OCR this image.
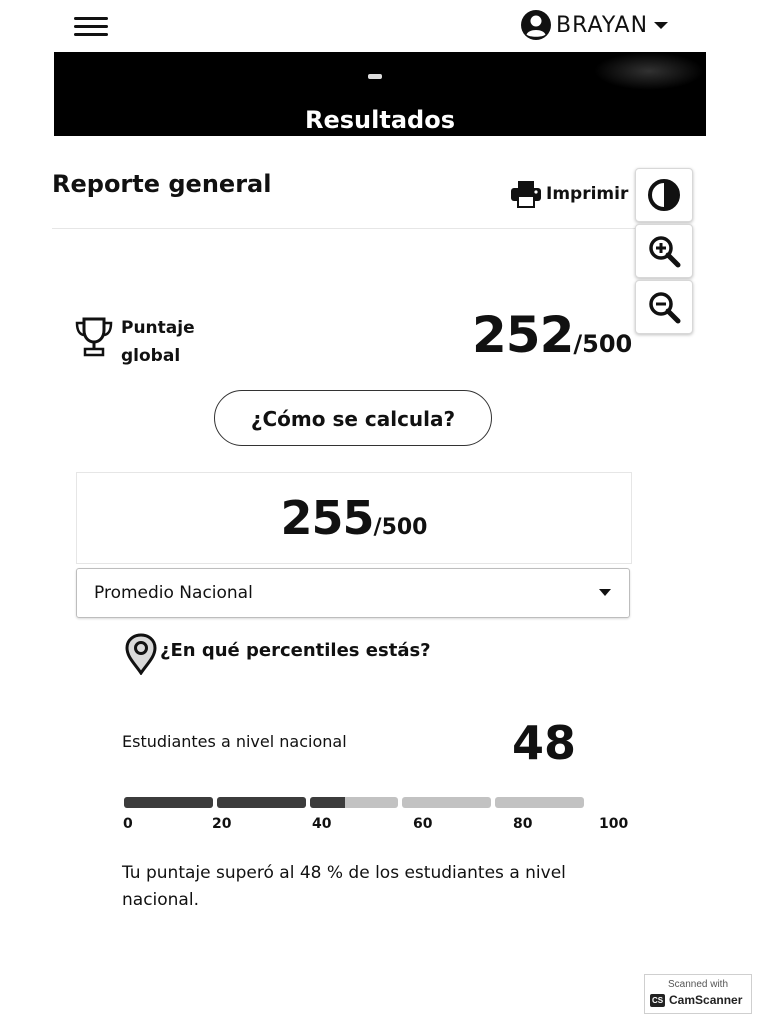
BRAYAN
Resultados
Reporte general	Imprimir
Puntaje
global	252/500
¿Cómo se calcula?
255/500
Promedio Nacional
¿En qué percentiles estás?
Estudiantes a nivel nacional	48
0	20	40	60	80	100
Tu puntaje superó al 48 % de los estudiantes a nivel nacional.
Scanned with
CS CamScanner
